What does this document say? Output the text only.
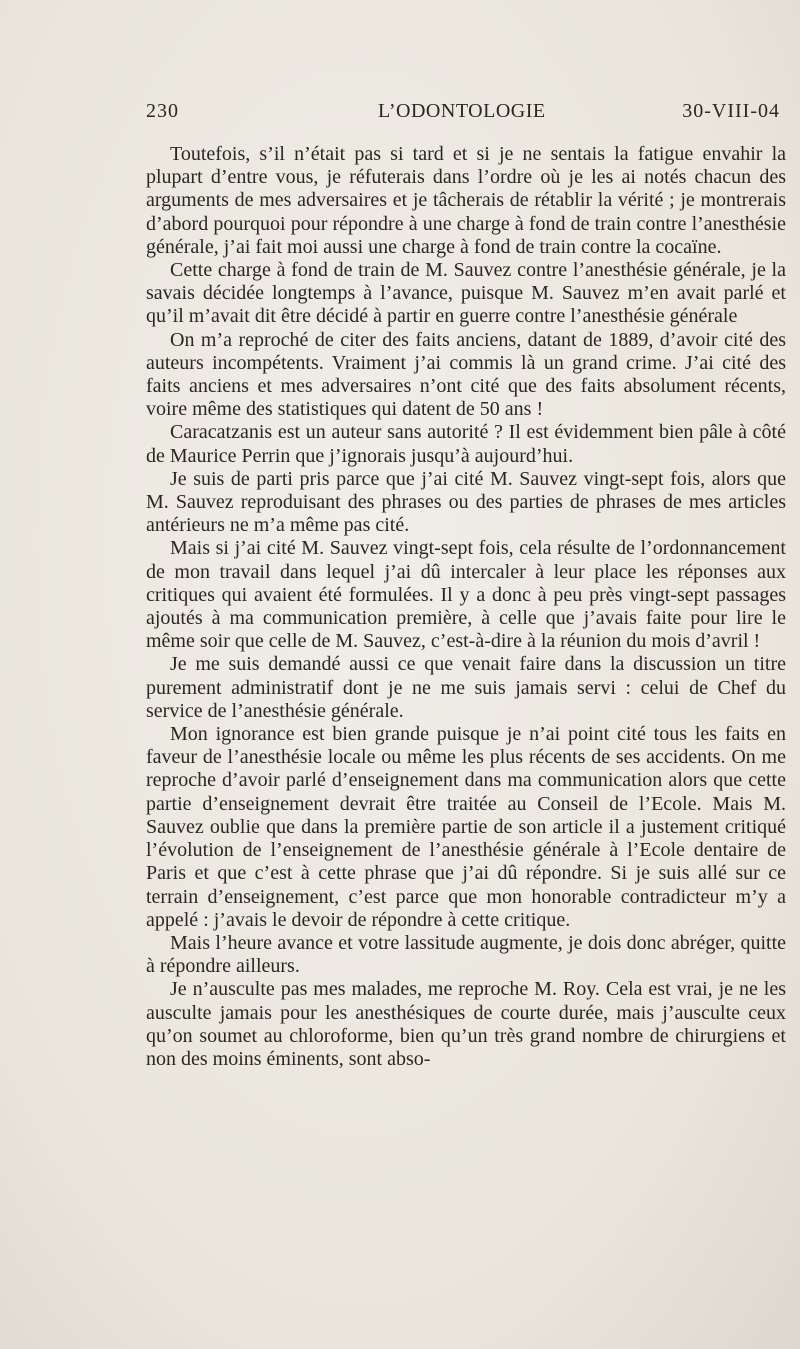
230	L’ODONTOLOGIE	30-VIII-04

Toutefois, s’il n’était pas si tard et si je ne sentais la fatigue envahir la plupart d’entre vous, je réfuterais dans l’ordre où je les ai notés chacun des arguments de mes adversaires et je tâcherais de rétablir la vérité ; je montrerais d’abord pourquoi pour répondre à une charge à fond de train contre l’anesthésie générale, j’ai fait moi aussi une charge à fond de train contre la cocaïne.

Cette charge à fond de train de M. Sauvez contre l’anesthésie générale, je la savais décidée longtemps à l’avance, puisque M. Sauvez m’en avait parlé et qu’il m’avait dit être décidé à partir en guerre contre l’anesthésie générale

On m’a reproché de citer des faits anciens, datant de 1889, d’avoir cité des auteurs incompétents. Vraiment j’ai commis là un grand crime. J’ai cité des faits anciens et mes adversaires n’ont cité que des faits absolument récents, voire même des statistiques qui datent de 50 ans !

Caracatzanis est un auteur sans autorité ? Il est évidemment bien pâle à côté de Maurice Perrin que j’ignorais jusqu’à aujourd’hui.

Je suis de parti pris parce que j’ai cité M. Sauvez vingt-sept fois, alors que M. Sauvez reproduisant des phrases ou des parties de phrases de mes articles antérieurs ne m’a même pas cité.

Mais si j’ai cité M. Sauvez vingt-sept fois, cela résulte de l’ordonnancement de mon travail dans lequel j’ai dû intercaler à leur place les réponses aux critiques qui avaient été formulées. Il y a donc à peu près vingt-sept passages ajoutés à ma communication première, à celle que j’avais faite pour lire le même soir que celle de M. Sauvez, c’est-à-dire à la réunion du mois d’avril !

Je me suis demandé aussi ce que venait faire dans la discussion un titre purement administratif dont je ne me suis jamais servi : celui de Chef du service de l’anesthésie générale.

Mon ignorance est bien grande puisque je n’ai point cité tous les faits en faveur de l’anesthésie locale ou même les plus récents de ses accidents. On me reproche d’avoir parlé d’enseignement dans ma communication alors que cette partie d’enseignement devrait être traitée au Conseil de l’Ecole. Mais M. Sauvez oublie que dans la première partie de son article il a justement critiqué l’évolution de l’enseignement de l’anesthésie générale à l’Ecole dentaire de Paris et que c’est à cette phrase que j’ai dû répondre. Si je suis allé sur ce terrain d’enseignement, c’est parce que mon honorable contradicteur m’y a appelé : j’avais le devoir de répondre à cette critique.

Mais l’heure avance et votre lassitude augmente, je dois donc abréger, quitte à répondre ailleurs.

Je n’ausculte pas mes malades, me reproche M. Roy. Cela est vrai, je ne les ausculte jamais pour les anesthésiques de courte durée, mais j’ausculte ceux qu’on soumet au chloroforme, bien qu’un très grand nombre de chirurgiens et non des moins éminents, sont abso-
